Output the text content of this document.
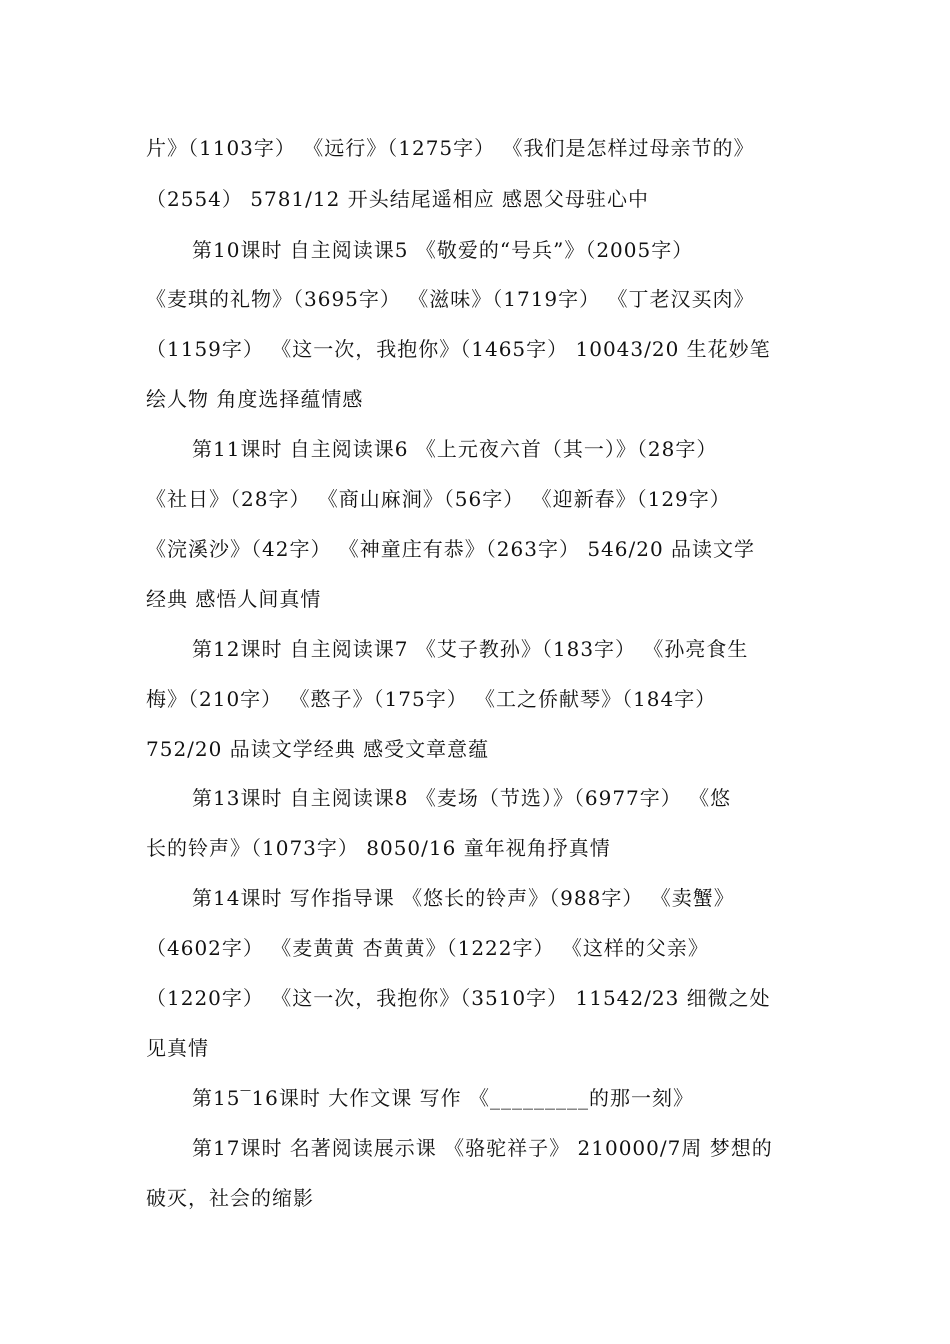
片》（1103字） 《远行》（1275字） 《我们是怎样过母亲节的》
（2554） 5781/12 开头结尾遥相应 感恩父母驻心中
第10课时 自主阅读课5 《敬爱的“号兵”》（2005字）
《麦琪的礼物》（3695字） 《滋味》（1719字） 《丁老汉买肉》
（1159字） 《这一次，我抱你》（1465字） 10043/20 生花妙笔
绘人物 角度选择蕴情感
第11课时 自主阅读课6 《上元夜六首（其一）》（28字）
《社日》（28字） 《商山麻涧》（56字） 《迎新春》（129字）
《浣溪沙》（42字） 《神童庄有恭》（263字） 546/20 品读文学
经典 感悟人间真情
第12课时 自主阅读课7 《艾子教孙》（183字） 《孙亮食生
梅》（210字） 《憨子》（175字） 《工之侨献琴》（184字）
752/20 品读文学经典 感受文章意蕴
第13课时 自主阅读课8 《麦场（节选）》（6977字） 《悠
长的铃声》（1073字） 8050/16 童年视角抒真情
第14课时 写作指导课 《悠长的铃声》（988字） 《卖蟹》
（4602字） 《麦黄黄 杏黄黄》（1222字） 《这样的父亲》
（1220字） 《这一次，我抱你》（3510字） 11542/23 细微之处
见真情
第15‾16课时 大作文课 写作 《_________的那一刻》
第17课时 名著阅读展示课 《骆驼祥子》 210000/7周 梦想的
破灭，社会的缩影
